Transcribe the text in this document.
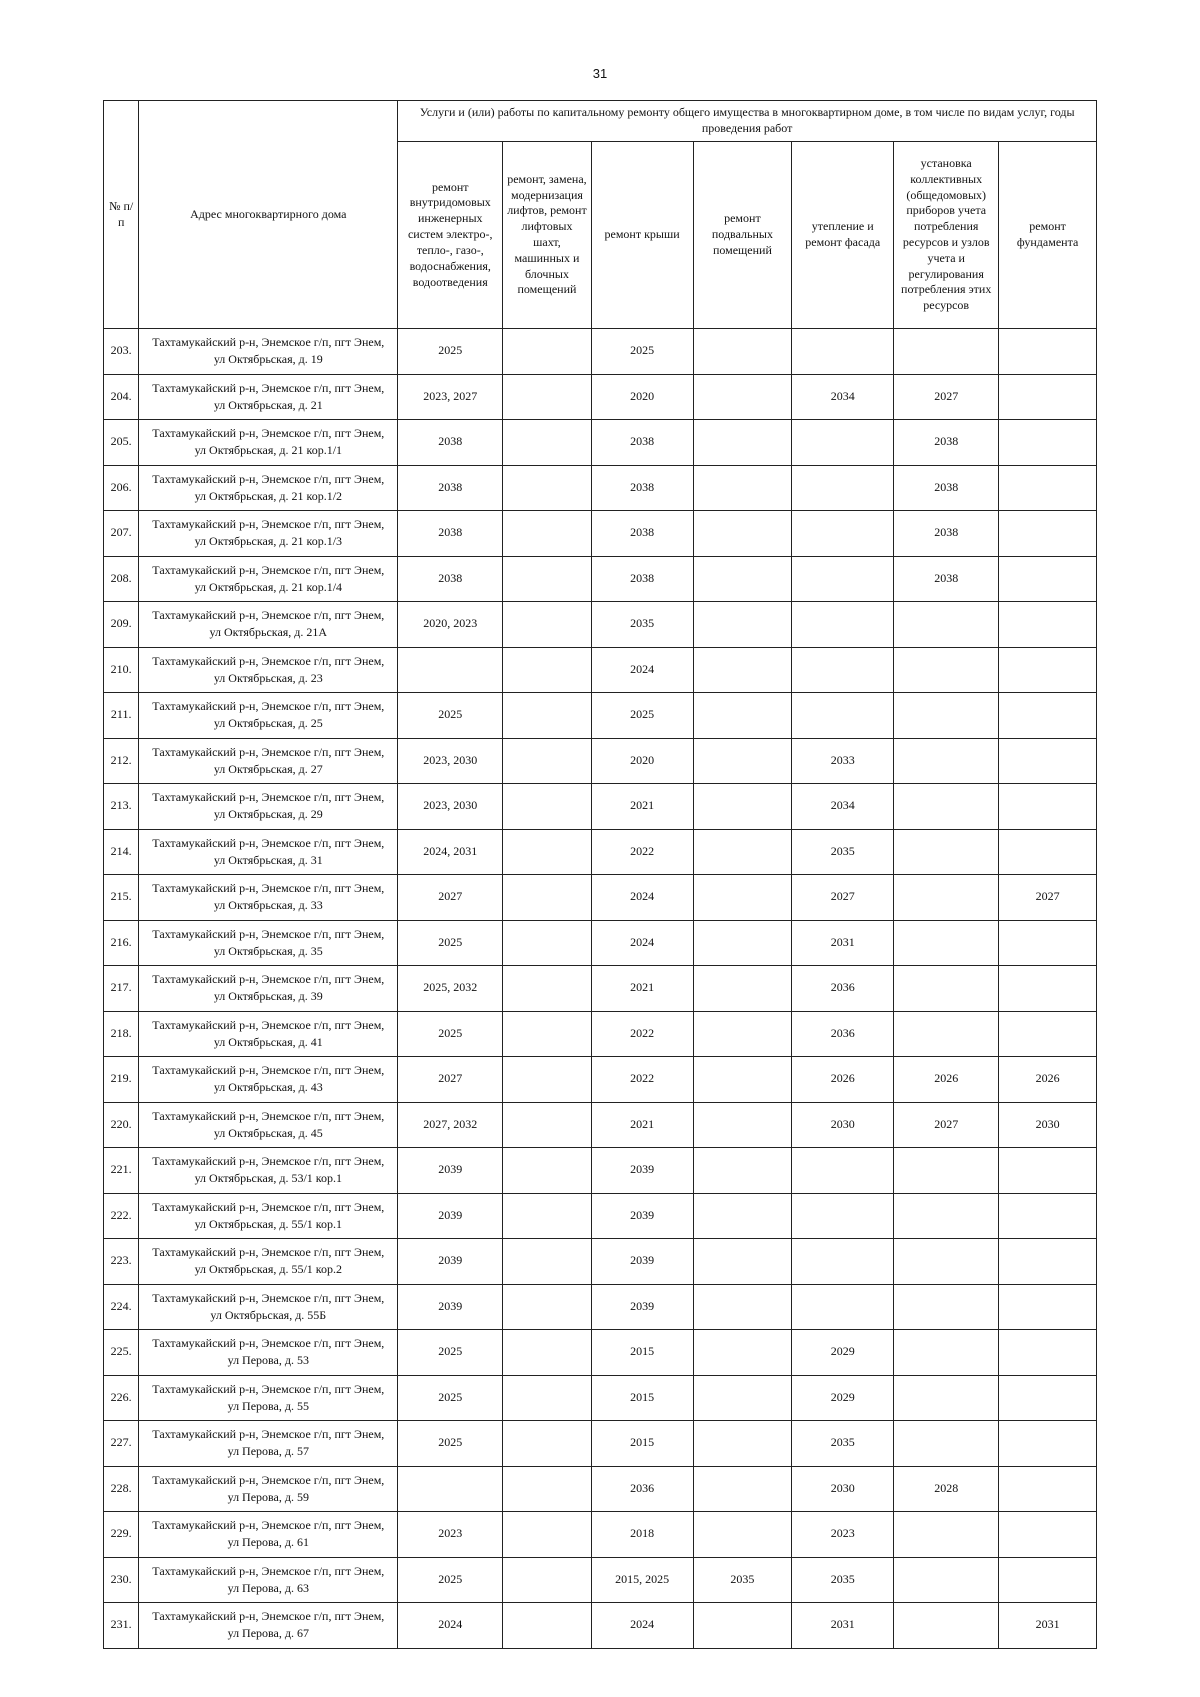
31
№ п/п	Адрес многоквартирного дома	Услуги и (или) работы по капитальному ремонту общего имущества в многоквартирном доме, в том числе по видам услуг, годы проведения работ						
		ремонт внутридомовых инженерных систем электро-, тепло-, газо-, водоснабжения, водоотведения	ремонт, замена, модернизация лифтов, ремонт лифтовых шахт, машинных и блочных помещений	ремонт крыши	ремонт подвальных помещений	утепление и ремонт фасада	установка коллективных (общедомовых) приборов учета потребления ресурсов и узлов учета и регулирования потребления этих ресурсов	ремонт фундамента
203.	Тахтамукайский р-н, Энемское г/п, пгт Энем,
ул Октябрьская, д. 19	2025		2025				
204.	Тахтамукайский р-н, Энемское г/п, пгт Энем,
ул Октябрьская, д. 21	2023, 2027		2020		2034	2027	
205.	Тахтамукайский р-н, Энемское г/п, пгт Энем,
ул Октябрьская, д. 21 кор.1/1	2038		2038			2038	
206.	Тахтамукайский р-н, Энемское г/п, пгт Энем,
ул Октябрьская, д. 21 кор.1/2	2038		2038			2038	
207.	Тахтамукайский р-н, Энемское г/п, пгт Энем,
ул Октябрьская, д. 21 кор.1/3	2038		2038			2038	
208.	Тахтамукайский р-н, Энемское г/п, пгт Энем,
ул Октябрьская, д. 21 кор.1/4	2038		2038			2038	
209.	Тахтамукайский р-н, Энемское г/п, пгт Энем,
ул Октябрьская, д. 21А	2020, 2023		2035				
210.	Тахтамукайский р-н, Энемское г/п, пгт Энем,
ул Октябрьская, д. 23			2024				
211.	Тахтамукайский р-н, Энемское г/п, пгт Энем,
ул Октябрьская, д. 25	2025		2025				
212.	Тахтамукайский р-н, Энемское г/п, пгт Энем,
ул Октябрьская, д. 27	2023, 2030		2020		2033		
213.	Тахтамукайский р-н, Энемское г/п, пгт Энем,
ул Октябрьская, д. 29	2023, 2030		2021		2034		
214.	Тахтамукайский р-н, Энемское г/п, пгт Энем,
ул Октябрьская, д. 31	2024, 2031		2022		2035		
215.	Тахтамукайский р-н, Энемское г/п, пгт Энем,
ул Октябрьская, д. 33	2027		2024		2027		2027
216.	Тахтамукайский р-н, Энемское г/п, пгт Энем,
ул Октябрьская, д. 35	2025		2024		2031		
217.	Тахтамукайский р-н, Энемское г/п, пгт Энем,
ул Октябрьская, д. 39	2025, 2032		2021		2036		
218.	Тахтамукайский р-н, Энемское г/п, пгт Энем,
ул Октябрьская, д. 41	2025		2022		2036		
219.	Тахтамукайский р-н, Энемское г/п, пгт Энем,
ул Октябрьская, д. 43	2027		2022		2026	2026	2026
220.	Тахтамукайский р-н, Энемское г/п, пгт Энем,
ул Октябрьская, д. 45	2027, 2032		2021		2030	2027	2030
221.	Тахтамукайский р-н, Энемское г/п, пгт Энем,
ул Октябрьская, д. 53/1 кор.1	2039		2039				
222.	Тахтамукайский р-н, Энемское г/п, пгт Энем,
ул Октябрьская, д. 55/1 кор.1	2039		2039				
223.	Тахтамукайский р-н, Энемское г/п, пгт Энем,
ул Октябрьская, д. 55/1 кор.2	2039		2039				
224.	Тахтамукайский р-н, Энемское г/п, пгт Энем,
ул Октябрьская, д. 55Б	2039		2039				
225.	Тахтамукайский р-н, Энемское г/п, пгт Энем,
ул Перова, д. 53	2025		2015		2029		
226.	Тахтамукайский р-н, Энемское г/п, пгт Энем,
ул Перова, д. 55	2025		2015		2029		
227.	Тахтамукайский р-н, Энемское г/п, пгт Энем,
ул Перова, д. 57	2025		2015		2035		
228.	Тахтамукайский р-н, Энемское г/п, пгт Энем,
ул Перова, д. 59			2036		2030	2028	
229.	Тахтамукайский р-н, Энемское г/п, пгт Энем,
ул Перова, д. 61	2023		2018		2023		
230.	Тахтамукайский р-н, Энемское г/п, пгт Энем,
ул Перова, д. 63	2025		2015, 2025	2035	2035		
231.	Тахтамукайский р-н, Энемское г/п, пгт Энем,
ул Перова, д. 67	2024		2024		2031		2031
